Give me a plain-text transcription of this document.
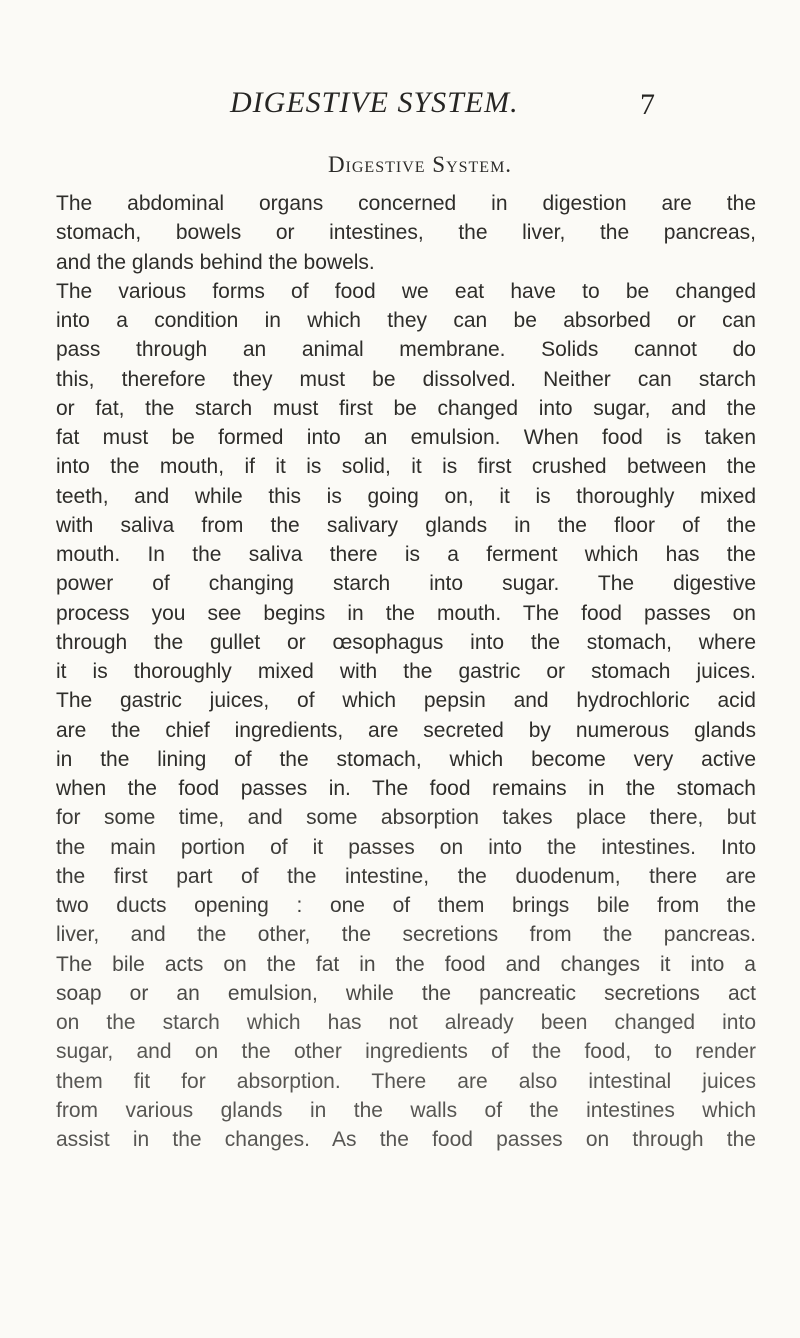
DIGESTIVE SYSTEM.	7
Digestive System.
The abdominal organs concerned in digestion are the
stomach, bowels or intestines, the liver, the pancreas,
and the glands behind the bowels.
The various forms of food we eat have to be changed
into a condition in which they can be absorbed or can
pass through an animal membrane. Solids cannot do
this, therefore they must be dissolved. Neither can starch
or fat, the starch must first be changed into sugar, and the
fat must be formed into an emulsion. When food is taken
into the mouth, if it is solid, it is first crushed between the
teeth, and while this is going on, it is thoroughly mixed
with saliva from the salivary glands in the floor of the
mouth. In the saliva there is a ferment which has the
power of changing starch into sugar. The digestive
process you see begins in the mouth. The food passes on
through the gullet or œsophagus into the stomach, where
it is thoroughly mixed with the gastric or stomach juices.
The gastric juices, of which pepsin and hydrochloric acid
are the chief ingredients, are secreted by numerous glands
in the lining of the stomach, which become very active
when the food passes in. The food remains in the stomach
for some time, and some absorption takes place there, but
the main portion of it passes on into the intestines. Into
the first part of the intestine, the duodenum, there are
two ducts opening : one of them brings bile from the
liver, and the other, the secretions from the pancreas.
The bile acts on the fat in the food and changes it into a
soap or an emulsion, while the pancreatic secretions act
on the starch which has not already been changed into
sugar, and on the other ingredients of the food, to render
them fit for absorption. There are also intestinal juices
from various glands in the walls of the intestines which
assist in the changes. As the food passes on through the
